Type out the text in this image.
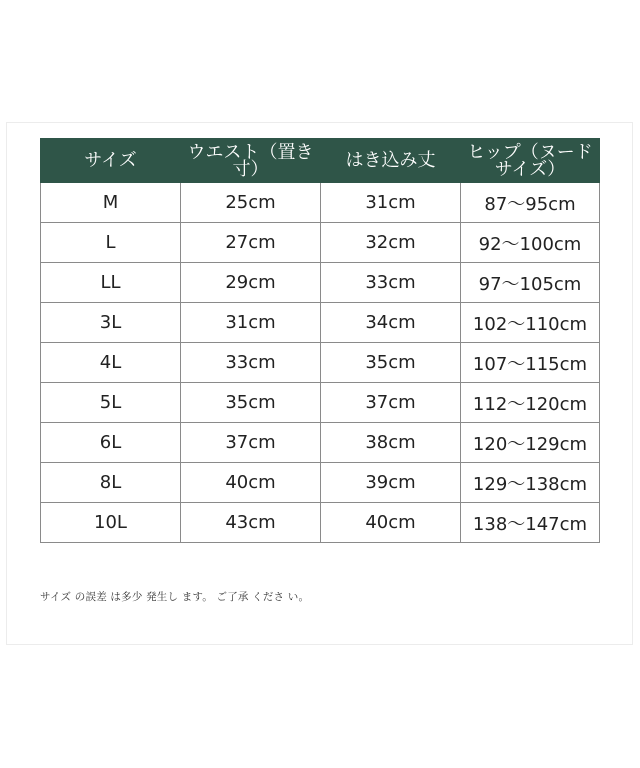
サイズ	ウエスト（置き寸）	はき込み丈	ヒップ（ヌードサイズ）
M	25cm	31cm	87～95cm
L	27cm	32cm	92～100cm
LL	29cm	33cm	97～105cm
3L	31cm	34cm	102～110cm
4L	33cm	35cm	107～115cm
5L	35cm	37cm	112～120cm
6L	37cm	38cm	120～129cm
8L	40cm	39cm	129～138cm
10L	43cm	40cm	138～147cm
サイズ の誤差 は多少 発生し ます。 ご了承 くださ い。
